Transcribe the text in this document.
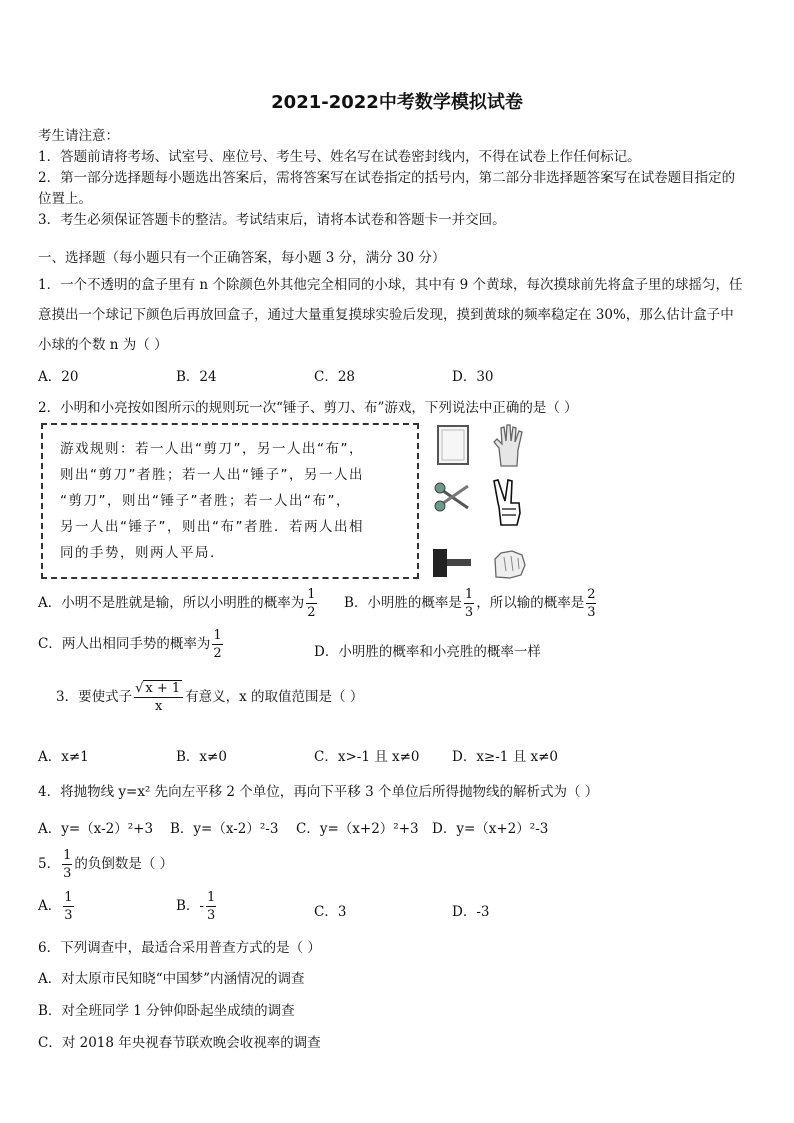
2021-2022中考数学模拟试卷
考生请注意：
1．答题前请将考场、试室号、座位号、考生号、姓名写在试卷密封线内，不得在试卷上作任何标记。
2．第一部分选择题每小题选出答案后，需将答案写在试卷指定的括号内，第二部分非选择题答案写在试卷题目指定的
位置上。
3．考生必须保证答题卡的整洁。考试结束后，请将本试卷和答题卡一并交回。
一、选择题（每小题只有一个正确答案，每小题 3 分，满分 30 分）
1．一个不透明的盒子里有 n 个除颜色外其他完全相同的小球，其中有 9 个黄球，每次摸球前先将盒子里的球摇匀，任
意摸出一个球记下颜色后再放回盒子，通过大量重复摸球实验后发现，摸到黄球的频率稳定在 30%，那么估计盒子中
小球的个数 n 为（ ）
A．20	B．24	C．28	D．30
2．小明和小亮按如图所示的规则玩一次“锤子、剪刀、布”游戏，下列说法中正确的是（ ）
游戏规则：若一人出“剪刀”，另一人出“布”，
则出“剪刀”者胜；若一人出“锤子”，另一人出
“剪刀”，则出“锤子”者胜；若一人出“布”，
另一人出“锤子”，则出“布”者胜．若两人出相
同的手势，则两人平局．
A．小明不是胜就是输，所以小明胜的概率为 $\frac{1}{2}$ B．小明胜的概率是 $\frac{1}{3}$ ，所以输的概率是 $\frac{2}{3}$
C．两人出相同手势的概率为 $\frac{1}{2}$	D．小明胜的概率和小亮胜的概率一样
3．要使式子 $\frac{√ x + 1}{x}$ 有意义，x 的取值范围是（ ）
A．x≠1	B．x≠0	C．x>-1 且 x≠0 D．x≥-1 且 x≠0
4．将抛物线 y=x² 先向左平移 2 个单位，再向下平移 3 个单位后所得抛物线的解析式为（ ）
A．y=（x-2）²+3 B．y=（x-2）²-3 C．y=（x+2）²+3 D．y=（x+2）²-3
5． $\frac{1}{3}$ 的负倒数是（ ）
A． $\frac{1}{3}$	B．- $\frac{1}{3}$	C．3	D．-3
6．下列调查中，最适合采用普查方式的是（ ）
A．对太原市民知晓“中国梦”内涵情况的调查
B．对全班同学 1 分钟仰卧起坐成绩的调查
C．对 2018 年央视春节联欢晚会收视率的调查
